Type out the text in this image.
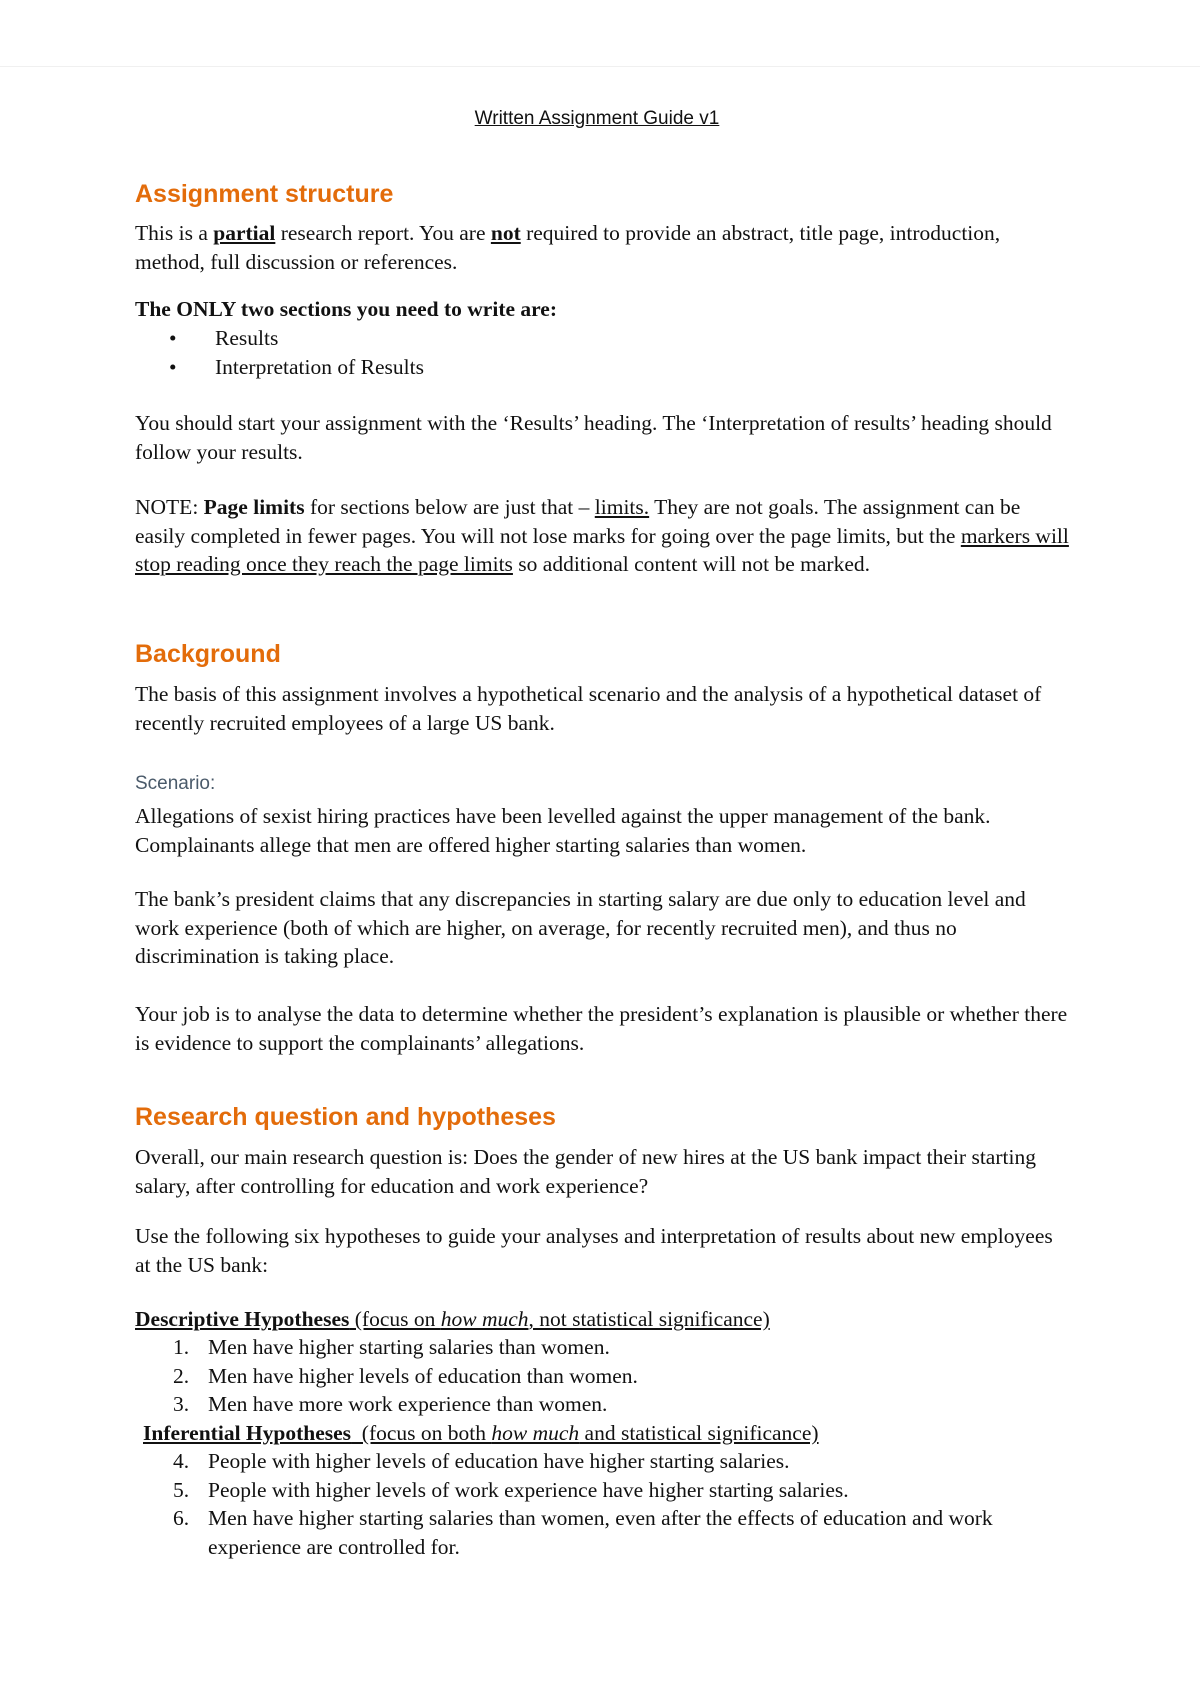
Written Assignment Guide v1
Assignment structure

This is a partial research report. You are not required to provide an abstract, title page, introduction, method, full discussion or references.

The ONLY two sections you need to write are:

• Results
• Interpretation of Results

You should start your assignment with the ‘Results’ heading. The ‘Interpretation of results’ heading should follow your results.

NOTE: Page limits for sections below are just that – limits. They are not goals. The assignment can be easily completed in fewer pages. You will not lose marks for going over the page limits, but the markers will stop reading once they reach the page limits so additional content will not be marked.

Background

The basis of this assignment involves a hypothetical scenario and the analysis of a hypothetical dataset of recently recruited employees of a large US bank.

Scenario:

Allegations of sexist hiring practices have been levelled against the upper management of the bank. Complainants allege that men are offered higher starting salaries than women.

The bank’s president claims that any discrepancies in starting salary are due only to education level and work experience (both of which are higher, on average, for recently recruited men), and thus no discrimination is taking place.

Your job is to analyse the data to determine whether the president’s explanation is plausible or whether there is evidence to support the complainants’ allegations.

Research question and hypotheses

Overall, our main research question is: Does the gender of new hires at the US bank impact their starting salary, after controlling for education and work experience?

Use the following six hypotheses to guide your analyses and interpretation of results about new employees at the US bank:

Descriptive Hypotheses (focus on how much, not statistical significance)

1. Men have higher starting salaries than women.
2. Men have higher levels of education than women.
3. Men have more work experience than women.

Inferential Hypotheses  (focus on both how much and statistical significance)

4. People with higher levels of education have higher starting salaries.
5. People with higher levels of work experience have higher starting salaries.
6. Men have higher starting salaries than women, even after the effects of education and work experience are controlled for.
